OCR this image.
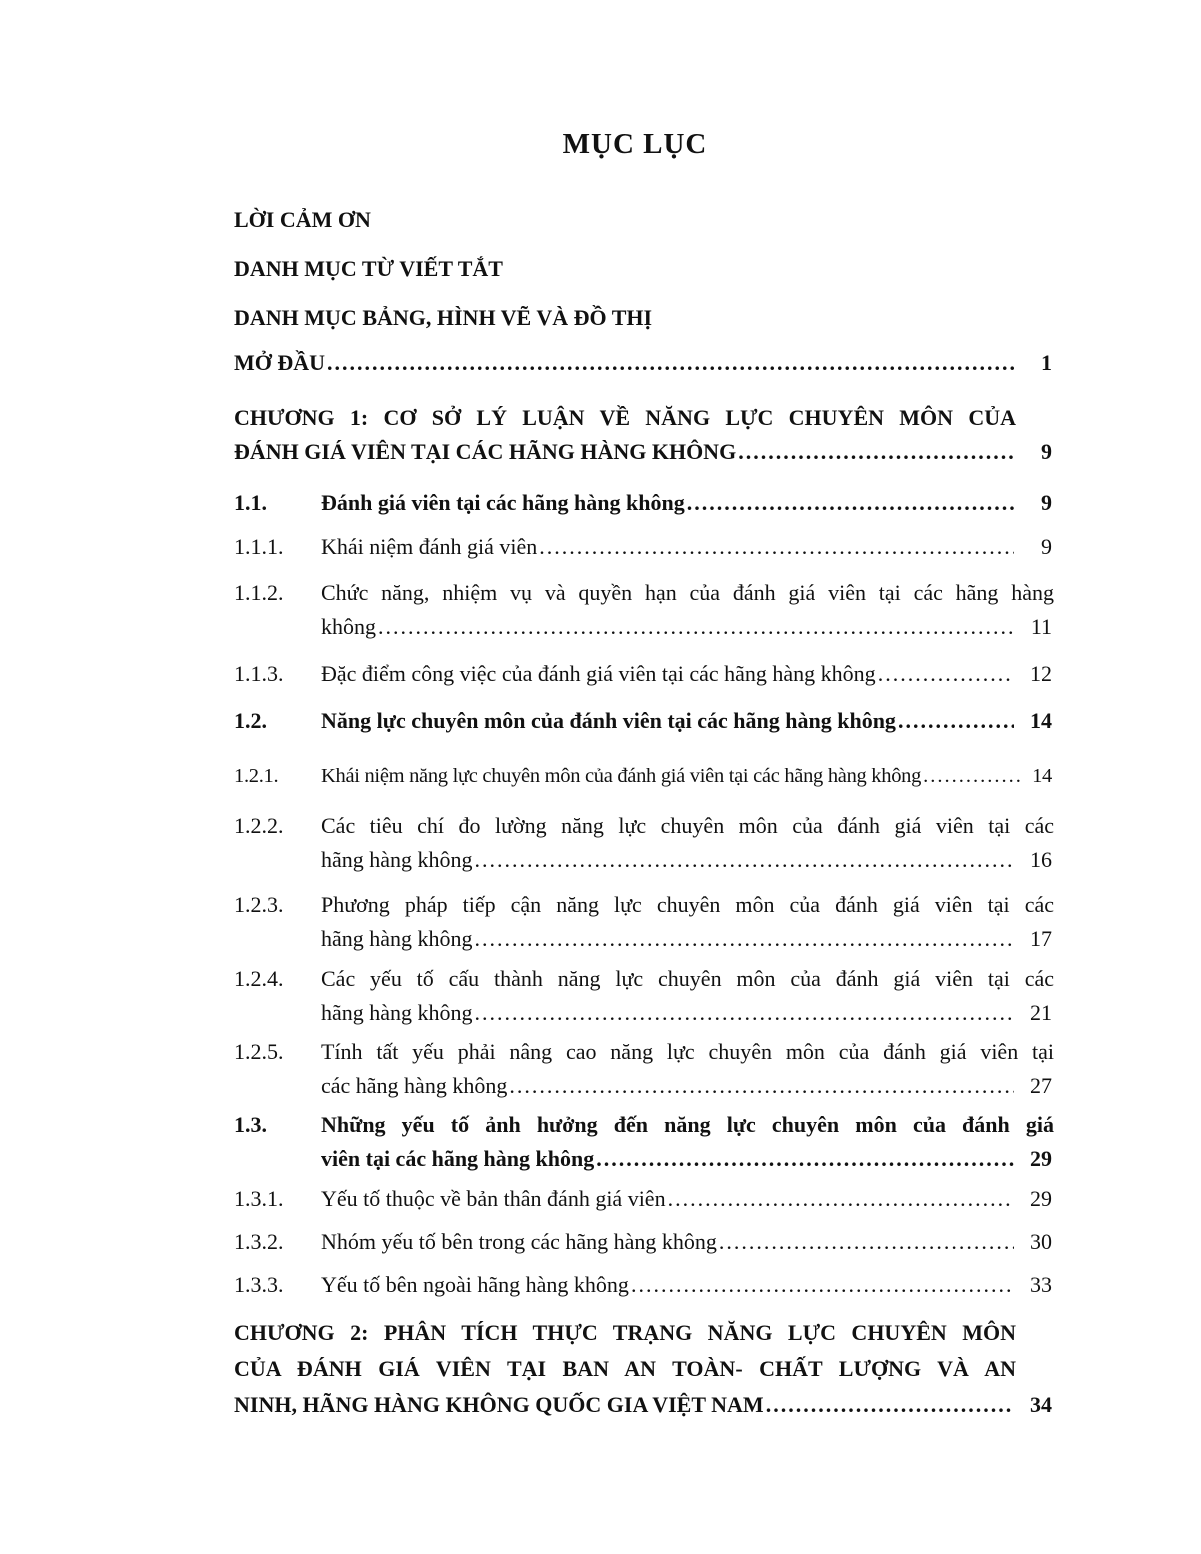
MỤC LỤC
LỜI CẢM ƠN
DANH MỤC TỪ VIẾT TẮT
DANH MỤC BẢNG, HÌNH VẼ VÀ ĐỒ THỊ
MỞ ĐẦU .....	1
CHƯƠNG 1: CƠ SỞ LÝ LUẬN VỀ NĂNG LỰC CHUYÊN MÔN CỦA
ĐÁNH GIÁ VIÊN TẠI CÁC HÃNG HÀNG KHÔNG .....	9
1.1.	Đánh giá viên tại các hãng hàng không .....	9
1.1.1.	Khái niệm đánh giá viên .....	9
1.1.2.	Chức năng, nhiệm vụ và quyền hạn của đánh giá viên tại các hãng hàng
không .....	11
1.1.3.	Đặc điểm công việc của đánh giá viên tại các hãng hàng không .....	12
1.2.	Năng lực chuyên môn của đánh viên tại các hãng hàng không .....	14
1.2.1.	Khái niệm năng lực chuyên môn của đánh giá viên tại các hãng hàng không .....	14
1.2.2.	Các tiêu chí đo lường năng lực chuyên môn của đánh giá viên tại các
hãng hàng không .....	16
1.2.3.	Phương pháp tiếp cận năng lực chuyên môn của đánh giá viên tại các
hãng hàng không .....	17
1.2.4.	Các yếu tố cấu thành năng lực chuyên môn của đánh giá viên tại các
hãng hàng không .....	21
1.2.5.	Tính tất yếu phải nâng cao năng lực chuyên môn của đánh giá viên tại
các hãng hàng không .....	27
1.3.	Những yếu tố ảnh hưởng đến năng lực chuyên môn của đánh giá
viên tại các hãng hàng không .....	29
1.3.1.	Yếu tố thuộc về bản thân đánh giá viên .....	29
1.3.2.	Nhóm yếu tố bên trong các hãng hàng không .....	30
1.3.3.	Yếu tố bên ngoài hãng hàng không .....	33
CHƯƠNG 2: PHÂN TÍCH THỰC TRẠNG NĂNG LỰC CHUYÊN MÔN
CỦA ĐÁNH GIÁ VIÊN TẠI BAN AN TOÀN- CHẤT LƯỢNG VÀ AN
NINH, HÃNG HÀNG KHÔNG QUỐC GIA VIỆT NAM .....	34
